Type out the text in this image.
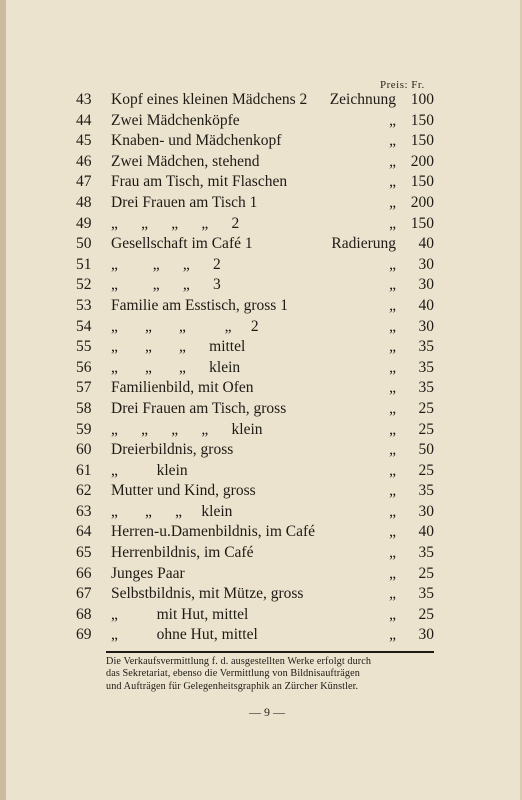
Preis: Fr.
43 Kopf eines kleinen Mädchens 2	Zeichnung 100
44 Zwei Mädchenköpfe	„ 150
45 Knaben- und Mädchenkopf	„ 150
46 Zwei Mädchen, stehend	„ 200
47 Frau am Tisch, mit Flaschen	„ 150
48 Drei Frauen am Tisch 1	„ 200
49 „      „      „      „      2	„ 150
50 Gesellschaft im Café 1	Radierung	40
51 „         „      „      2	„	30
52 „         „      „      3	„	30
53 Familie am Esstisch, gross 1	„	40
54 „       „       „          „     2	„	30
55 „       „       „      mittel	„	35
56 „       „       „      klein	„	35
57 Familienbild, mit Ofen	„	35
58 Drei Frauen am Tisch, gross	„	25
59 „      „      „      „      klein	„	25
60 Dreierbildnis, gross	„	50
61 „          klein	„	25
62 Mutter und Kind, gross	„	35
63 „       „      „     klein	„	30
64 Herren-u.Damenbildnis, im Café	„	40
65 Herrenbildnis, im Café	„	35
66 Junges Paar	„	25
67 Selbstbildnis, mit Mütze, gross	„	35
68 „          mit Hut, mittel	„	25
69 „          ohne Hut, mittel	„	30
Die Verkaufsvermittlung f. d. ausgestellten Werke erfolgt durch
das Sekretariat, ebenso die Vermittlung von Bildnisaufträgen
und Aufträgen für Gelegenheitsgraphik an Zürcher Künstler.
— 9 —
